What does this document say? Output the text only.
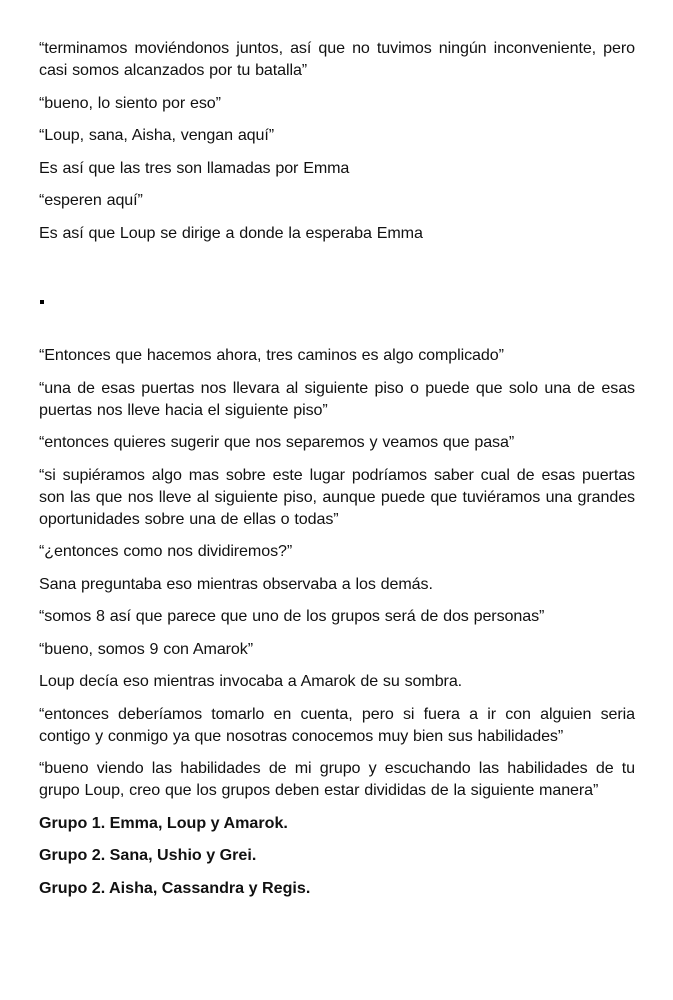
“terminamos moviéndonos juntos, así que no tuvimos ningún inconveniente, pero casi somos alcanzados por tu batalla”

“bueno, lo siento por eso”

“Loup, sana, Aisha, vengan aquí”

Es así que las tres son llamadas por Emma

“esperen aquí”

Es así que Loup se dirige a donde la esperaba Emma

“Entonces que hacemos ahora, tres caminos es algo complicado”

“una de esas puertas nos llevara al siguiente piso o puede que solo una de esas puertas nos lleve hacia el siguiente piso”

“entonces quieres sugerir que nos separemos y veamos que pasa”

“si supiéramos algo mas sobre este lugar podríamos saber cual de esas puertas son las que nos lleve al siguiente piso, aunque puede que tuviéramos una grandes oportunidades sobre una de ellas o todas”

“¿entonces como nos dividiremos?”

Sana preguntaba eso mientras observaba a los demás.

“somos 8 así que parece que uno de los grupos será de dos personas”

“bueno, somos 9 con Amarok”

Loup decía eso mientras invocaba a Amarok de su sombra.

“entonces deberíamos tomarlo en cuenta, pero si fuera a ir con alguien seria contigo y conmigo ya que nosotras conocemos muy bien sus habilidades”

“bueno viendo las habilidades de mi grupo y escuchando las habilidades de tu grupo Loup, creo que los grupos deben estar divididas de la siguiente manera”

Grupo 1. Emma, Loup y Amarok.

Grupo 2. Sana, Ushio y Grei.

Grupo 2. Aisha, Cassandra y Regis.
